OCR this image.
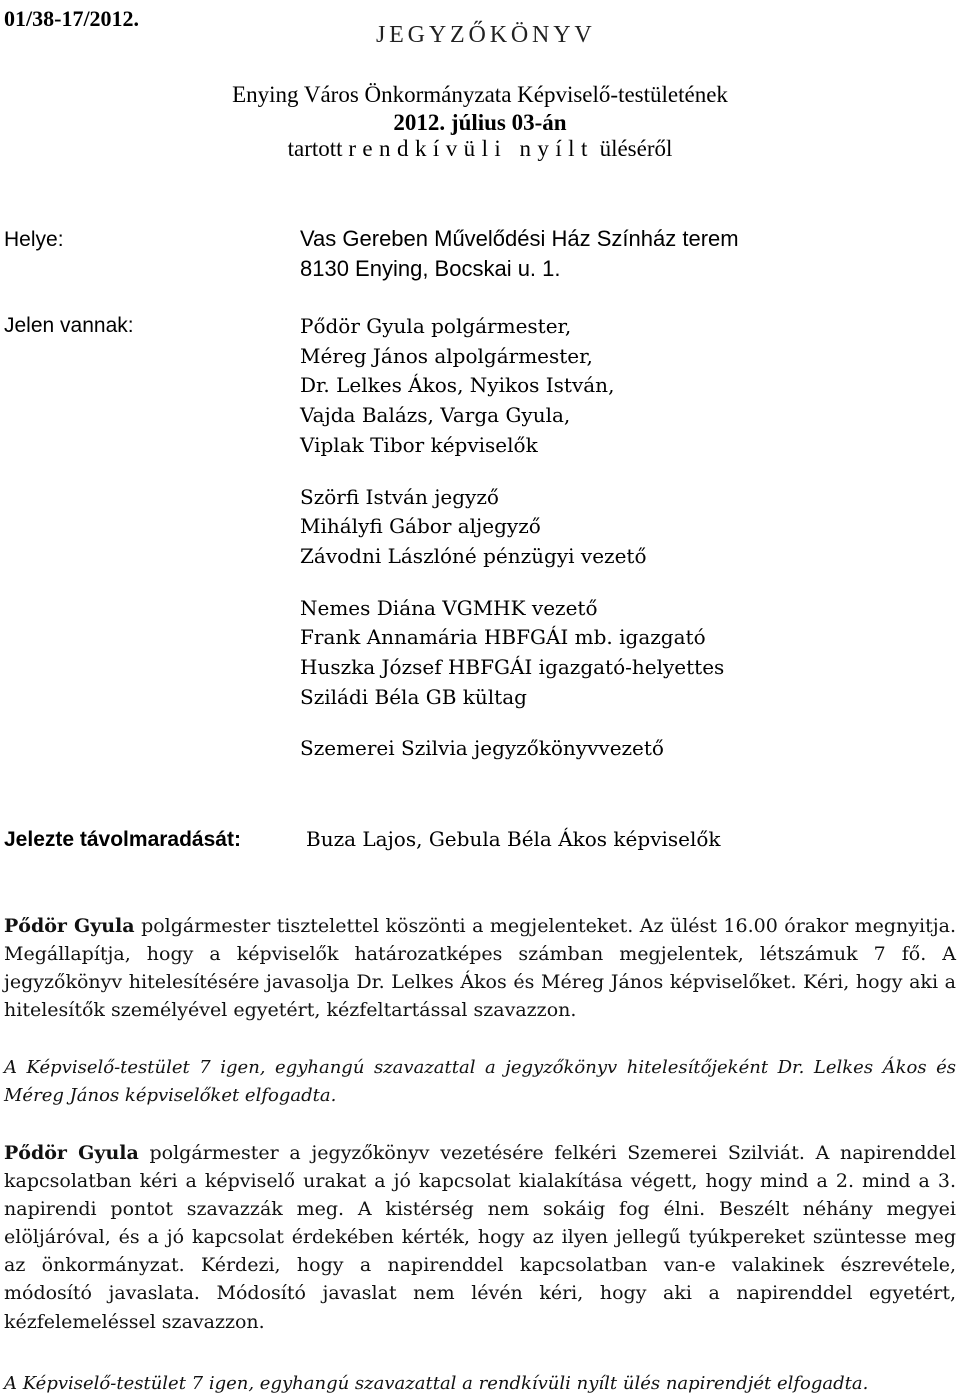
01/38-17/2012.
JEGYZŐKÖNYV
Enying Város Önkormányzata Képviselő-testületének
2012. július 03-án
tartott rendkívüli nyílt üléséről
Helye:	Vas Gereben Művelődési Ház Színház terem
8130 Enying, Bocskai u. 1.
Jelen vannak:	Pődör Gyula polgármester,
Méreg János alpolgármester,
Dr. Lelkes Ákos, Nyikos István,
Vajda Balázs, Varga Gyula,
Viplak Tibor képviselők
Szörfi István jegyző
Mihályfi Gábor aljegyző
Závodni Lászlóné pénzügyi vezető
Nemes Diána VGMHK vezető
Frank Annamária HBFGÁI mb. igazgató
Huszka József HBFGÁI igazgató-helyettes
Sziládi Béla GB kültag
Szemerei Szilvia jegyzőkönyvvezető
Jelezte távolmaradását:	Buza Lajos, Gebula Béla Ákos képviselők
Pődör Gyula polgármester tisztelettel köszönti a megjelenteket. Az ülést 16.00 órakor megnyitja. Megállapítja, hogy a képviselők határozatképes számban megjelentek, létszámuk 7 fő. A jegyzőkönyv hitelesítésére javasolja Dr. Lelkes Ákos és Méreg János képviselőket. Kéri, hogy aki a hitelesítők személyével egyetért, kézfeltartással szavazzon.
A Képviselő-testület 7 igen, egyhangú szavazattal a jegyzőkönyv hitelesítőjeként Dr. Lelkes Ákos és Méreg János képviselőket elfogadta.
Pődör Gyula polgármester a jegyzőkönyv vezetésére felkéri Szemerei Szilviát. A napirenddel kapcsolatban kéri a képviselő urakat a jó kapcsolat kialakítása végett, hogy mind a 2. mind a 3. napirendi pontot szavazzák meg. A kistérség nem sokáig fog élni. Beszélt néhány megyei elöljáróval, és a jó kapcsolat érdekében kérték, hogy az ilyen jellegű tyúkpereket szüntesse meg az önkormányzat. Kérdezi, hogy a napirenddel kapcsolatban van-e valakinek észrevétele, módosító javaslata. Módosító javaslat nem lévén kéri, hogy aki a napirenddel egyetért, kézfelemeléssel szavazzon.
A Képviselő-testület 7 igen, egyhangú szavazattal a rendkívüli nyílt ülés napirendjét elfogadta.
